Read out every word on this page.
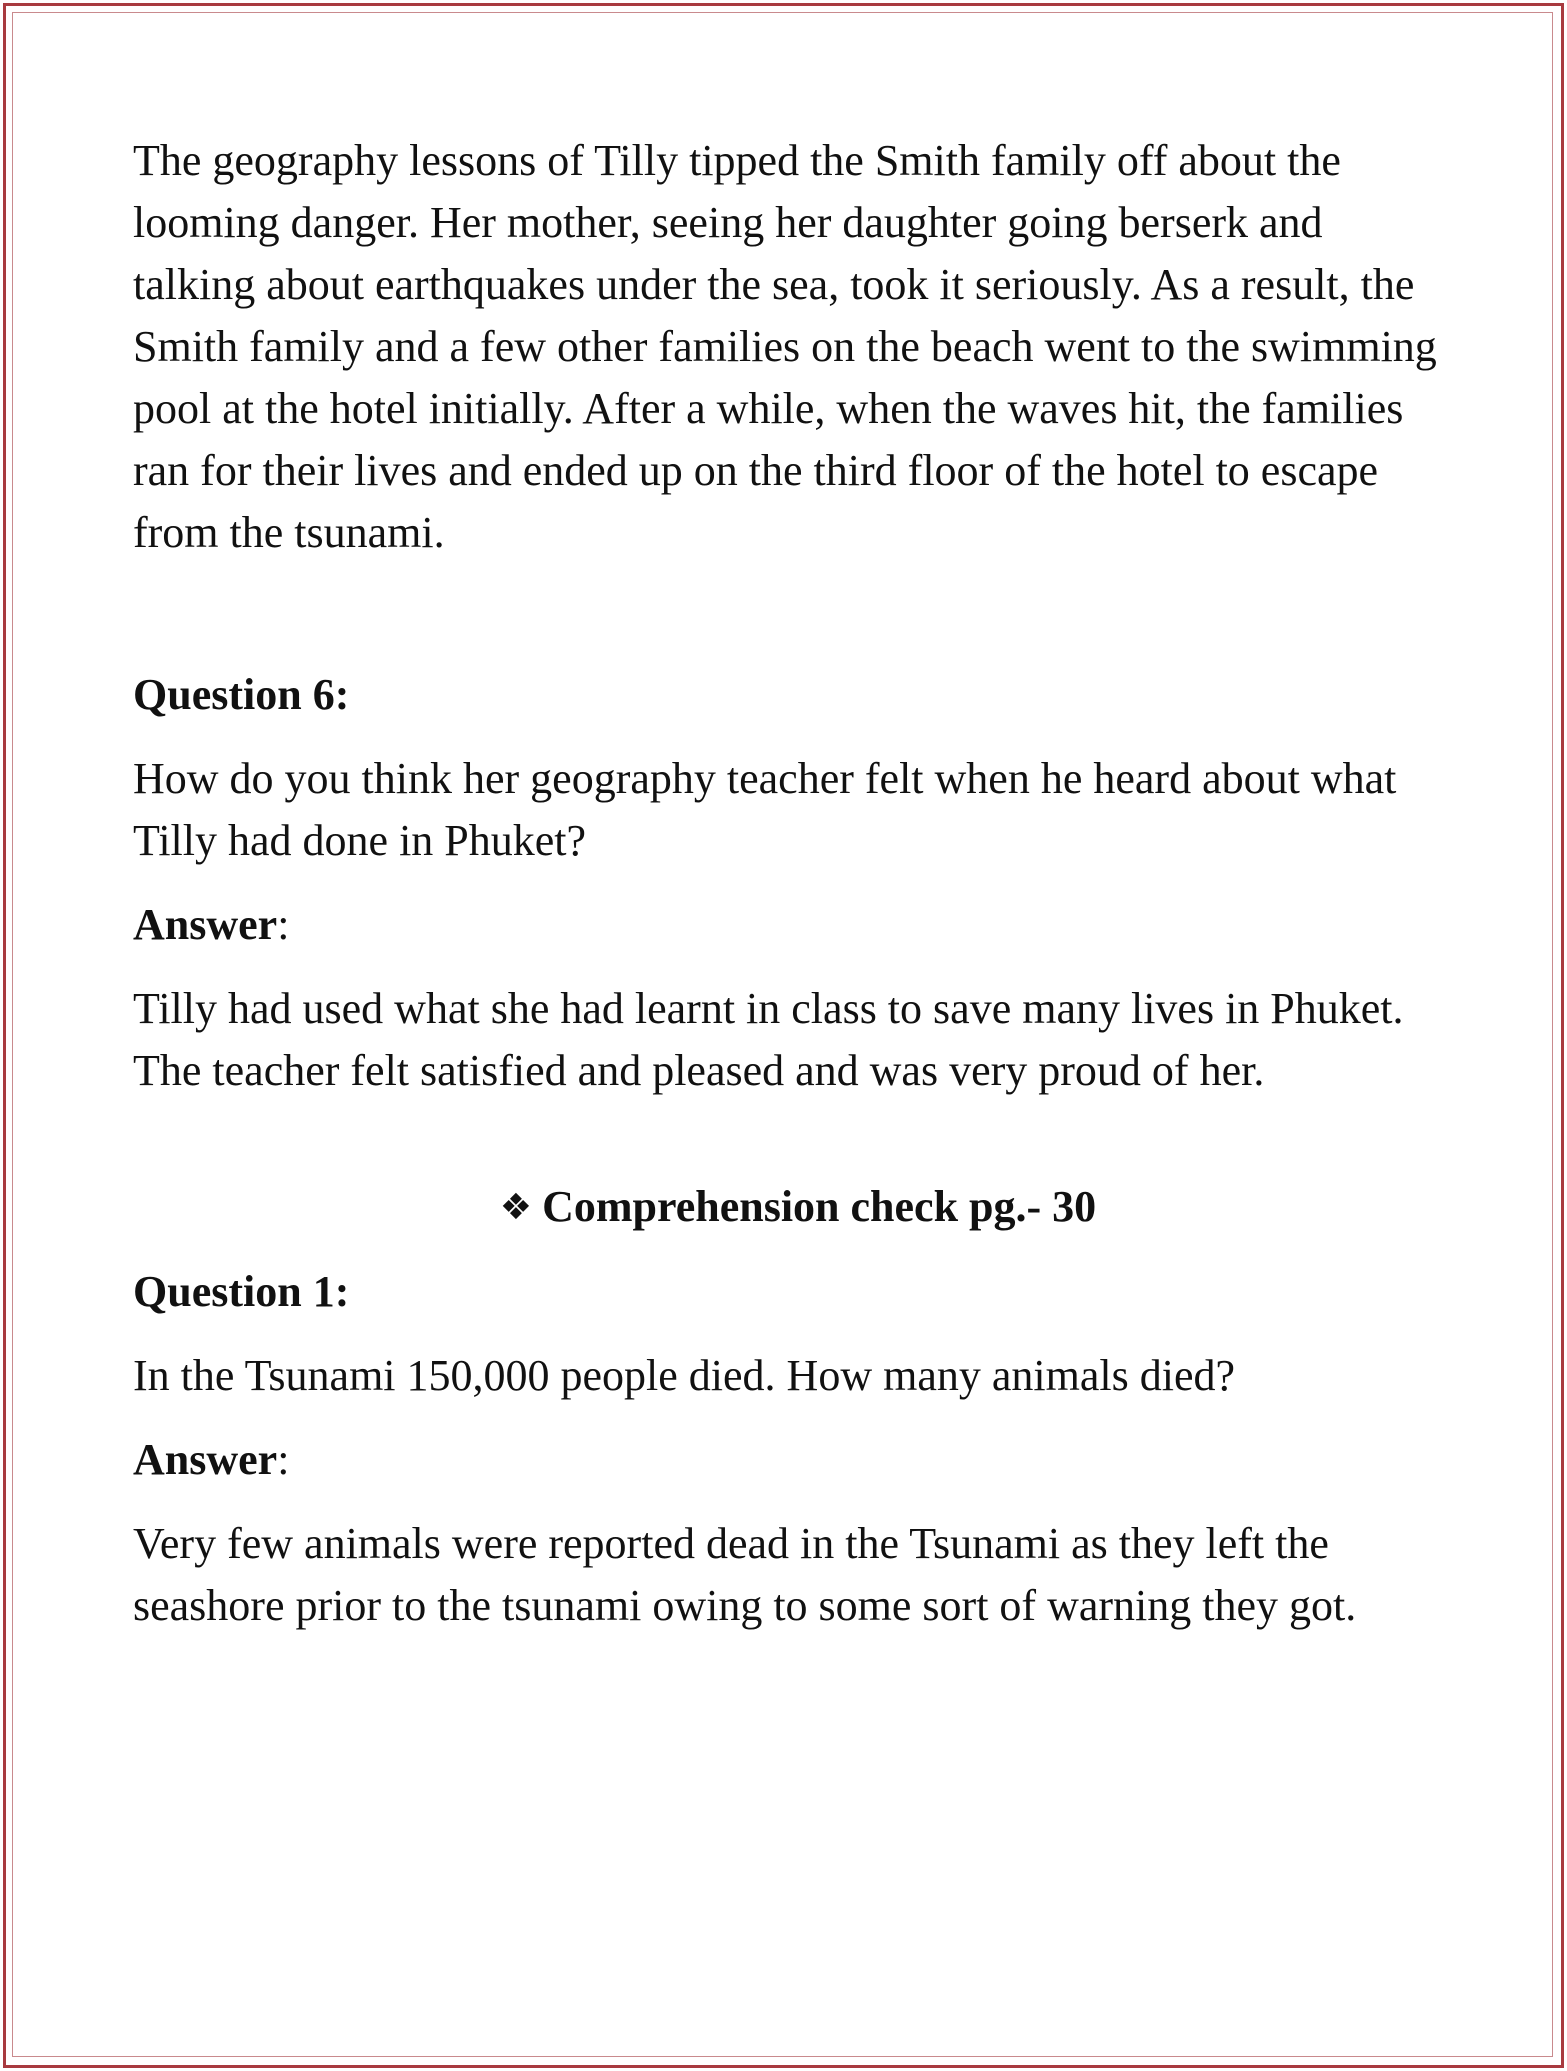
The geography lessons of Tilly tipped the Smith family off about the looming danger. Her mother, seeing her daughter going berserk and talking about earthquakes under the sea, took it seriously. As a result, the Smith family and a few other families on the beach went to the swimming pool at the hotel initially. After a while, when the waves hit, the families ran for their lives and ended up on the third floor of the hotel to escape from the tsunami.

Question 6:

How do you think her geography teacher felt when he heard about what Tilly had done in Phuket?

Answer:

Tilly had used what she had learnt in class to save many lives in Phuket. The teacher felt satisfied and pleased and was very proud of her.

❖ Comprehension check pg.- 30

Question 1:

In the Tsunami 150,000 people died. How many animals died?

Answer:

Very few animals were reported dead in the Tsunami as they left the seashore prior to the tsunami owing to some sort of warning they got.
